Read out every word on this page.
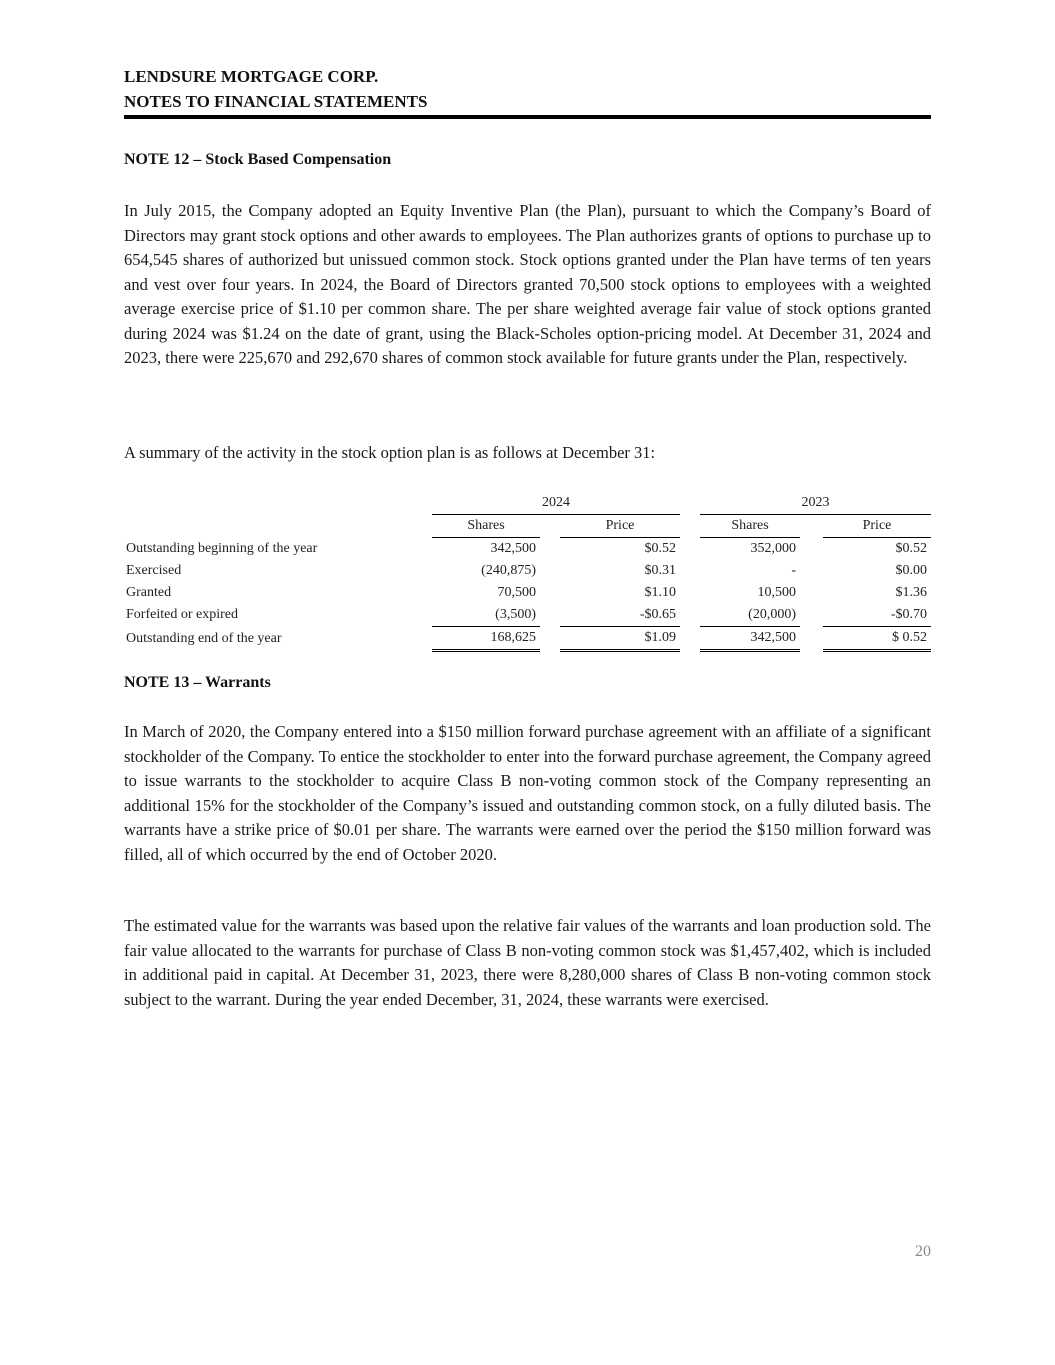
LENDSURE MORTGAGE CORP.
NOTES TO FINANCIAL STATEMENTS
NOTE 12 – Stock Based Compensation
In July 2015, the Company adopted an Equity Inventive Plan (the Plan), pursuant to which the Company’s Board of Directors may grant stock options and other awards to employees. The Plan authorizes grants of options to purchase up to 654,545 shares of authorized but unissued common stock. Stock options granted under the Plan have terms of ten years and vest over four years. In 2024, the Board of Directors granted 70,500 stock options to employees with a weighted average exercise price of $1.10 per common share. The per share weighted average fair value of stock options granted during 2024 was $1.24 on the date of grant, using the Black-Scholes option-pricing model. At December 31, 2024 and 2023, there were 225,670 and 292,670 shares of common stock available for future grants under the Plan, respectively.
A summary of the activity in the stock option plan is as follows at December 31:
	2024				2023		
	Shares		Price		Shares		Price
Outstanding beginning of the year	342,500		$0.52		352,000		$0.52
Exercised	(240,875)		$0.31		-		$0.00
Granted	70,500		$1.10		10,500		$1.36
Forfeited or expired	(3,500)		-$0.65		(20,000)		-$0.70
Outstanding end of the year	168,625		$1.09		342,500		$ 0.52
NOTE 13 – Warrants
In March of 2020, the Company entered into a $150 million forward purchase agreement with an affiliate of a significant stockholder of the Company. To entice the stockholder to enter into the forward purchase agreement, the Company agreed to issue warrants to the stockholder to acquire Class B non-voting common stock of the Company representing an additional 15% for the stockholder of the Company’s issued and outstanding common stock, on a fully diluted basis. The warrants have a strike price of $0.01 per share. The warrants were earned over the period the $150 million forward was filled, all of which occurred by the end of October 2020.
The estimated value for the warrants was based upon the relative fair values of the warrants and loan production sold. The fair value allocated to the warrants for purchase of Class B non-voting common stock was $1,457,402, which is included in additional paid in capital. At December 31, 2023, there were 8,280,000 shares of Class B non-voting common stock subject to the warrant. During the year ended December, 31, 2024, these warrants were exercised.
20
